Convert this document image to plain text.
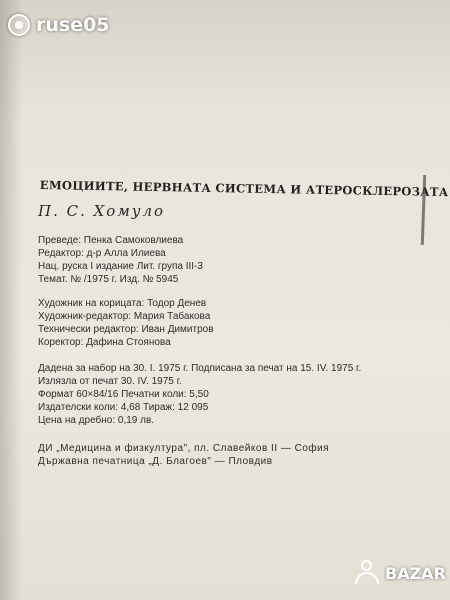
ruse05
ЕМОЦИИТЕ, НЕРВНАТА СИСТЕМА И АТЕРОСКЛЕРОЗАТА
П. С. Хомуло
Преведе: Пенка Самоковлиева
Редактор: д-р Алла Илиева
Нац. руска I издание Лит. група III-3
Темат. № /1975 г. Изд. № 5945
Художник на корицата: Тодор Денев
Художник-редактор: Мария Табакова
Технически редактор: Иван Димитров
Коректор: Дафина Стоянова
Дадена за набор на 30. I. 1975 г. Подписана за печат на 15. IV. 1975 г.
Излязла от печат 30. IV. 1975 г.
Формат 60×84/16 Печатни коли: 5,50
Издателски коли: 4,68 Тираж: 12 095
Цена на дребно: 0,19 лв.
ДИ „Медицина и физкултура", пл. Славейков II — София
Държавна печатница „Д. Благоев" — Пловдив
BAZAR
